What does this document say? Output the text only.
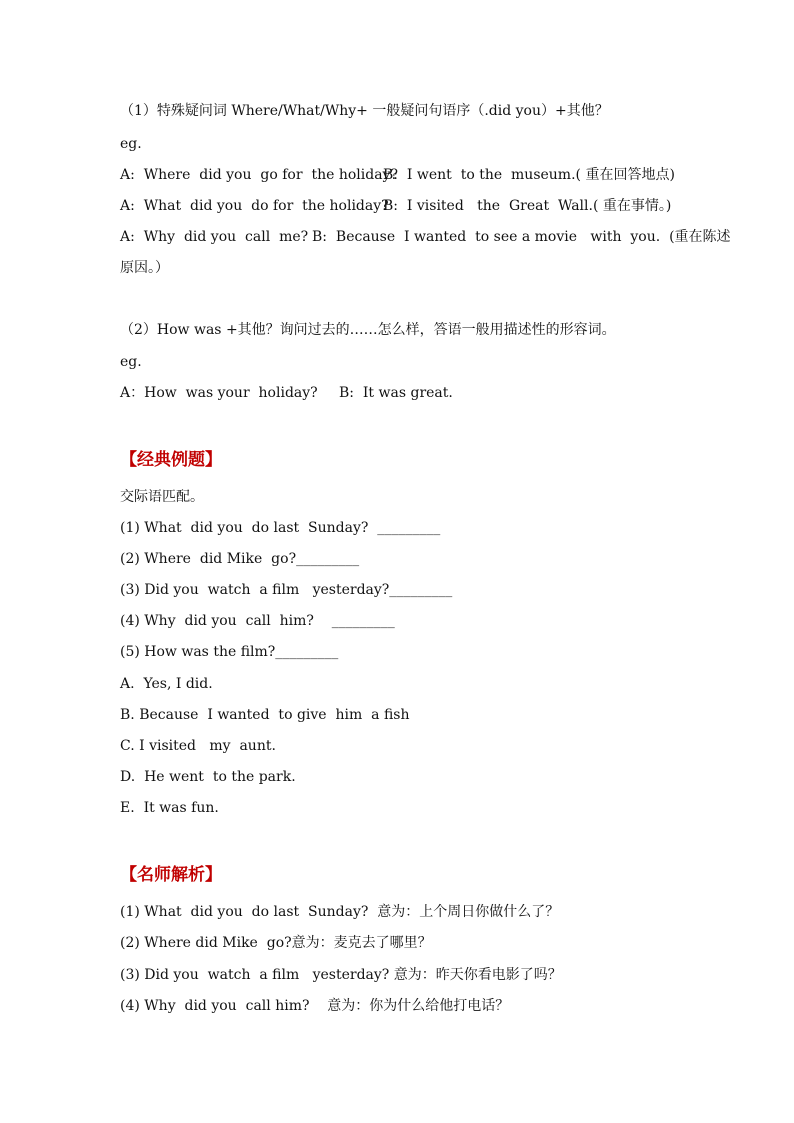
（1）特殊疑问词 Where/What/Why+ 一般疑问句语序（.did you）+其他？
eg.
A:  Where  did you  go for  the holiday?
B:  I went  to the  museum.( 重在回答地点)
A:  What  did you  do for  the holiday?
B:  I visited   the  Great  Wall.( 重在事情。)
A:  Why  did you  call  me? B:  Because  I wanted  to see a movie   with  you.  (重在陈述
原因。）
（2）How was +其他？询问过去的……怎么样，答语一般用描述性的形容词。
eg.
A：How  was your  holiday? B:  It was great.
【经典例题】
交际语匹配。
(1) What  did you  do last  Sunday?  _________
(2) Where  did Mike  go?_________
(3) Did you  watch  a film   yesterday?_________
(4) Why  did you  call  him?    _________
(5) How was the film?_________
A.  Yes, I did.
B. Because  I wanted  to give  him  a fish
C. I visited   my  aunt.
D.  He went  to the park.
E.  It was fun.
【名师解析】
(1) What  did you  do last  Sunday?  意为：上个周日你做什么了？
(2) Where did Mike  go?意为：麦克去了哪里？
(3) Did you  watch  a film   yesterday? 意为：昨天你看电影了吗？
(4) Why  did you  call him?    意为：你为什么给他打电话？
